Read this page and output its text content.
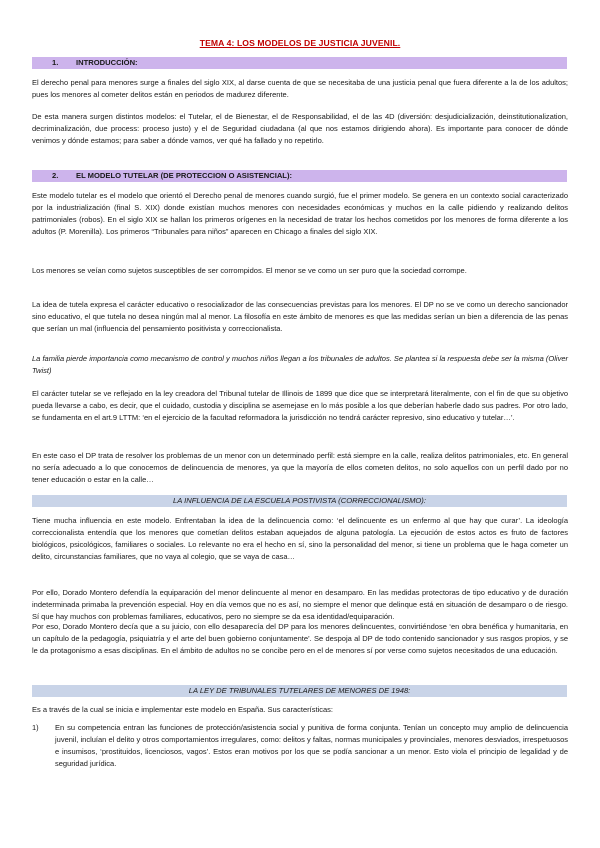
TEMA 4: LOS MODELOS DE JUSTICIA JUVENIL.
1. INTRODUCCIÓN:
El derecho penal para menores surge a finales del siglo XIX, al darse cuenta de que se necesitaba de una justicia penal que fuera diferente a la de los adultos; pues los menores al cometer delitos están en periodos de madurez diferente.
De esta manera surgen distintos modelos: el Tutelar, el de Bienestar, el de Responsabilidad, el de las 4D (diversión: desjudicialización, deinstitutionalization, decriminalización, due process: proceso justo) y el de Seguridad ciudadana (al que nos estamos dirigiendo ahora). Es importante para conocer de dónde venimos y dónde estamos; para saber a dónde vamos, ver qué ha fallado y no repetirlo.
2. EL MODELO TUTELAR (DE PROTECCION O ASISTENCIAL):
Este modelo tutelar es el modelo que orientó el Derecho penal de menores cuando surgió, fue el primer modelo. Se genera en un contexto social caracterizado por la industrialización (final S. XIX) donde existían muchos menores con necesidades económicas y muchos en la calle pidiendo y realizando delitos patrimoniales (robos). En el siglo XIX se hallan los primeros orígenes en la necesidad de tratar los hechos cometidos por los menores de forma diferente a los adultos (P. Morenilla). Los primeros “Tribunales para niños” aparecen en Chicago a finales del siglo XIX.
Los menores se veían como sujetos susceptibles de ser corrompidos. El menor se ve como un ser puro que la sociedad corrompe.
La idea de tutela expresa el carácter educativo o resocializador de las consecuencias previstas para los menores. El DP no se ve como un derecho sancionador sino educativo, el que tutela no desea ningún mal al menor. La filosofía en este ámbito de menores es que las medidas serían un bien a diferencia de las penas que serían un mal (influencia del pensamiento positivista y correccionalista.
La familia pierde importancia como mecanismo de control y muchos niños llegan a los tribunales de adultos. Se plantea si la respuesta debe ser la misma (Oliver Twist)
El carácter tutelar se ve reflejado en la ley creadora del Tribunal tutelar de Illinois de 1899 que dice que se interpretará literalmente, con el fin de que su objetivo pueda llevarse a cabo, es decir, que el cuidado, custodia y disciplina se asemejase en lo más posible a los que deberían haberle dado sus padres. Por otro lado, se fundamenta en el art.9 LTTM: ‘en el ejercicio de la facultad reformadora la jurisdicción no tendrá carácter represivo, sino educativo y tutelar…’.
En este caso el DP trata de resolver los problemas de un menor con un determinado perfil: está siempre en la calle, realiza delitos patrimoniales, etc. En general no sería adecuado a lo que conocemos de delincuencia de menores, ya que la mayoría de ellos cometen delitos, no solo aquellos con un perfil dado por no tener educación o estar en la calle…
LA INFLUENCIA DE LA ESCUELA POSTIVISTA (CORRECCIONALISMO):
Tiene mucha influencia en este modelo. Enfrentaban la idea de la delincuencia como: ‘el delincuente es un enfermo al que hay que curar’. La ideología correccionalista entendía que los menores que cometían delitos estaban aquejados de alguna patología. La ejecución de estos actos es fruto de factores biológicos, psicológicos, familiares o sociales. Lo relevante no era el hecho en sí, sino la personalidad del menor, si tiene un problema que le haga cometer un delito, circunstancias familiares, que no vaya al colegio, que se vaya de casa…
Por ello, Dorado Montero defendía la equiparación del menor delincuente al menor en desamparo. En las medidas protectoras de tipo educativo y de duración indeterminada primaba la prevención especial. Hoy en día vemos que no es así, no siempre el menor que delinque está en situación de desamparo o de riesgo. Sí que hay muchos con problemas familiares, educativos, pero no siempre se da esa identidad/equiparación.
Por eso, Dorado Montero decía que a su juicio, con ello desaparecía del DP para los menores delincuentes, convirtiéndose ‘en obra benéfica y humanitaria, en un capítulo de la pedagogía, psiquiatría y el arte del buen gobierno conjuntamente’. Se despoja al DP de todo contenido sancionador y sus rasgos propios, y se le da protagonismo a esas disciplinas. En el ámbito de adultos no se concibe pero en el de menores sí por verse como sujetos necesitados de una educación.
LA LEY DE TRIBUNALES TUTELARES DE MENORES DE 1948:
Es a través de la cual se inicia e implementar este modelo en España. Sus características:
1) En su competencia entran las funciones de protección/asistencia social y punitiva de forma conjunta. Tenían un concepto muy amplio de delincuencia juvenil, incluían el delito y otros comportamientos irregulares, como: delitos y faltas, normas municipales y provinciales, menores desviados, irrespetuosos e insumisos, ‘prostituidos, licenciosos, vagos’. Estos eran motivos por los que se podía sancionar a un menor. Esto viola el principio de legalidad y de seguridad jurídica.
